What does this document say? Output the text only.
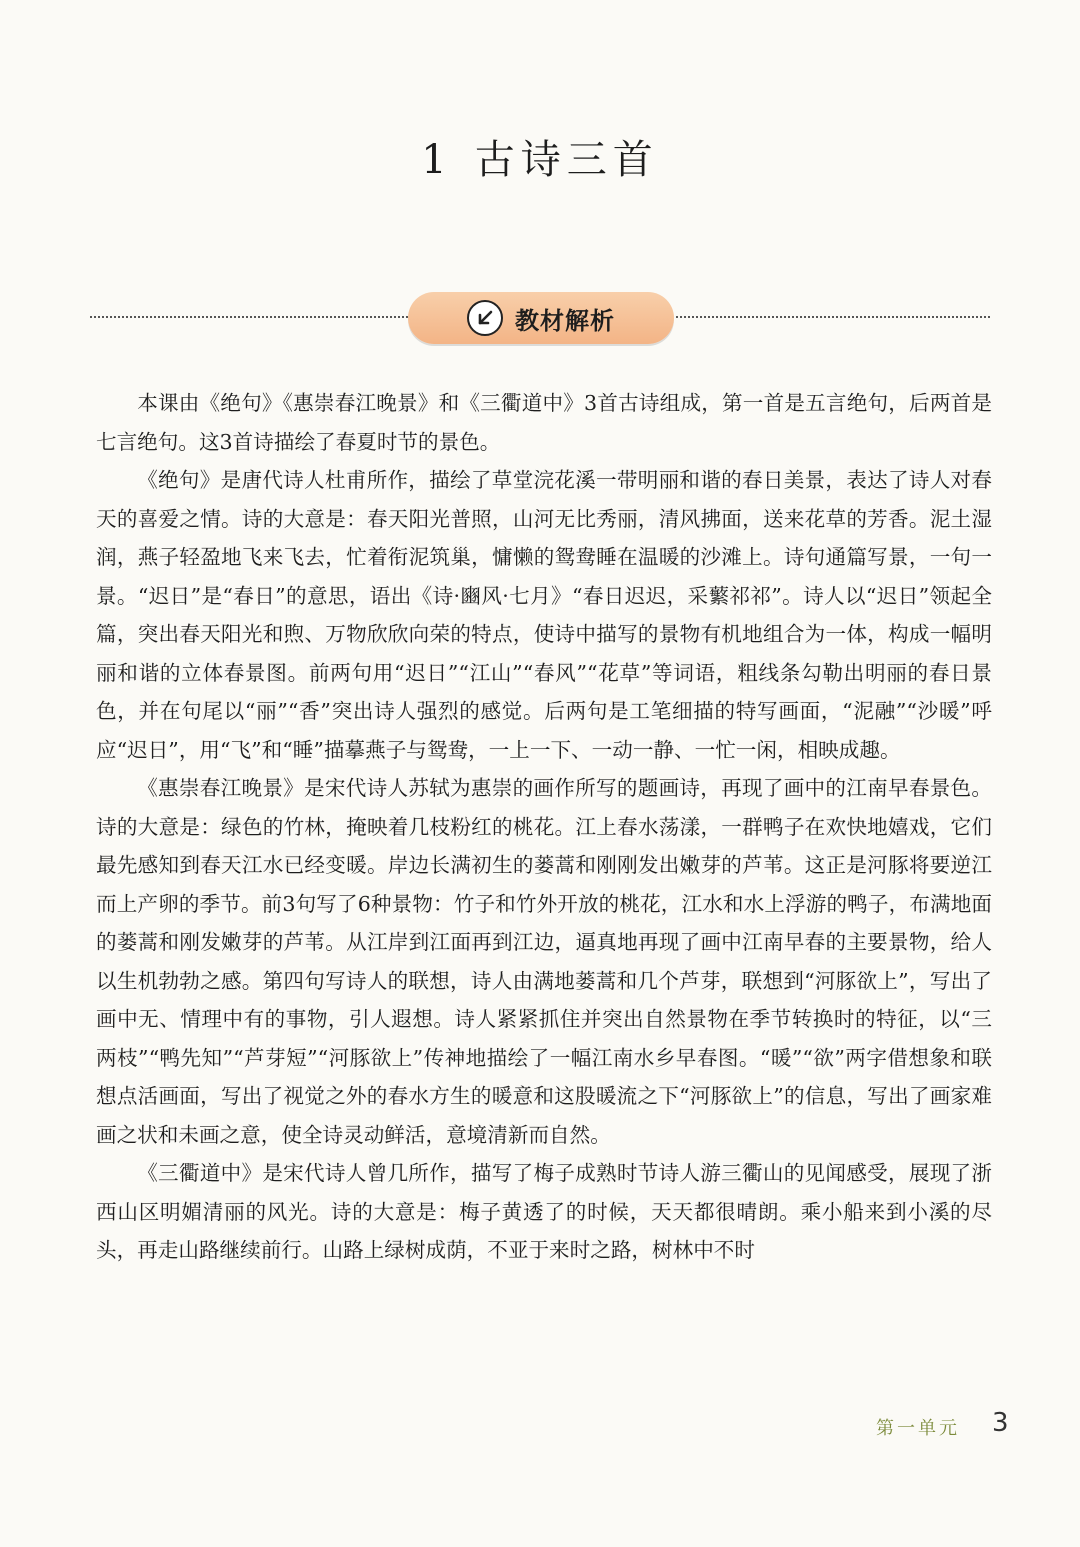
1 古诗三首
教材解析

本课由《绝句》《惠崇春江晚景》和《三衢道中》3首古诗组成，第一首是五言绝句，后两首是七言绝句。这3首诗描绘了春夏时节的景色。

《绝句》是唐代诗人杜甫所作，描绘了草堂浣花溪一带明丽和谐的春日美景，表达了诗人对春天的喜爱之情。诗的大意是：春天阳光普照，山河无比秀丽，清风拂面，送来花草的芳香。泥土湿润，燕子轻盈地飞来飞去，忙着衔泥筑巢，慵懒的鸳鸯睡在温暖的沙滩上。诗句通篇写景，一句一景。“迟日”是“春日”的意思，语出《诗·豳风·七月》“春日迟迟，采蘩祁祁”。诗人以“迟日”领起全篇，突出春天阳光和煦、万物欣欣向荣的特点，使诗中描写的景物有机地组合为一体，构成一幅明丽和谐的立体春景图。前两句用“迟日”“江山”“春风”“花草”等词语，粗线条勾勒出明丽的春日景色，并在句尾以“丽”“香”突出诗人强烈的感觉。后两句是工笔细描的特写画面，“泥融”“沙暖”呼应“迟日”，用“飞”和“睡”描摹燕子与鸳鸯，一上一下、一动一静、一忙一闲，相映成趣。

《惠崇春江晚景》是宋代诗人苏轼为惠崇的画作所写的题画诗，再现了画中的江南早春景色。诗的大意是：绿色的竹林，掩映着几枝粉红的桃花。江上春水荡漾，一群鸭子在欢快地嬉戏，它们最先感知到春天江水已经变暖。岸边长满初生的蒌蒿和刚刚发出嫩芽的芦苇。这正是河豚将要逆江而上产卵的季节。前3句写了6种景物：竹子和竹外开放的桃花，江水和水上浮游的鸭子，布满地面的蒌蒿和刚发嫩芽的芦苇。从江岸到江面再到江边，逼真地再现了画中江南早春的主要景物，给人以生机勃勃之感。第四句写诗人的联想，诗人由满地蒌蒿和几个芦芽，联想到“河豚欲上”，写出了画中无、情理中有的事物，引人遐想。诗人紧紧抓住并突出自然景物在季节转换时的特征，以“三两枝”“鸭先知”“芦芽短”“河豚欲上”传神地描绘了一幅江南水乡早春图。“暖”“欲”两字借想象和联想点活画面，写出了视觉之外的春水方生的暖意和这股暖流之下“河豚欲上”的信息，写出了画家难画之状和未画之意，使全诗灵动鲜活，意境清新而自然。

《三衢道中》是宋代诗人曾几所作，描写了梅子成熟时节诗人游三衢山的见闻感受，展现了浙西山区明媚清丽的风光。诗的大意是：梅子黄透了的时候，天天都很晴朗。乘小船来到小溪的尽头，再走山路继续前行。山路上绿树成荫，不亚于来时之路，树林中不时

第一单元 3
